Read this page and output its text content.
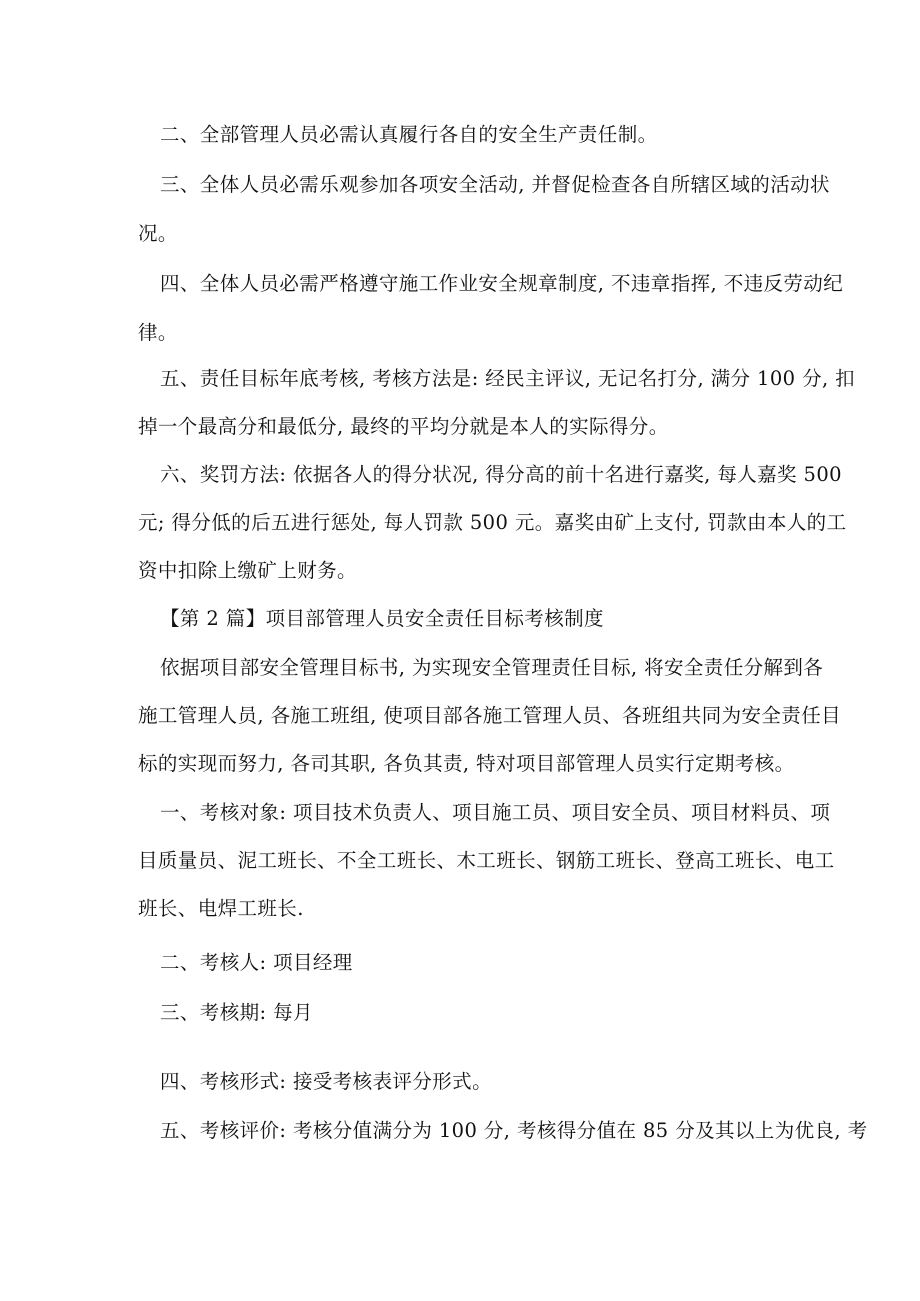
二、全部管理人员必需认真履行各自的安全生产责任制。
三、全体人员必需乐观参加各项安全活动, 并督促检查各自所辖区域的活动状
况。
四、全体人员必需严格遵守施工作业安全规章制度, 不违章指挥, 不违反劳动纪
律。
五、责任目标年底考核, 考核方法是: 经民主评议, 无记名打分, 满分 100 分, 扣
掉一个最高分和最低分, 最终的平均分就是本人的实际得分。
六、奖罚方法: 依据各人的得分状况, 得分高的前十名进行嘉奖, 每人嘉奖 500
元; 得分低的后五进行惩处, 每人罚款 500 元。嘉奖由矿上支付, 罚款由本人的工
资中扣除上缴矿上财务。
【第 2 篇】项目部管理人员安全责任目标考核制度
依据项目部安全管理目标书, 为实现安全管理责任目标, 将安全责任分解到各
施工管理人员, 各施工班组, 使项目部各施工管理人员、各班组共同为安全责任目
标的实现而努力, 各司其职, 各负其责, 特对项目部管理人员实行定期考核。
一、考核对象: 项目技术负责人、项目施工员、项目安全员、项目材料员、项
目质量员、泥工班长、不全工班长、木工班长、钢筋工班长、登高工班长、电工
班长、电焊工班长.
二、考核人: 项目经理
三、考核期: 每月
四、考核形式: 接受考核表评分形式。
五、考核评价: 考核分值满分为 100 分, 考核得分值在 85 分及其以上为优良, 考
